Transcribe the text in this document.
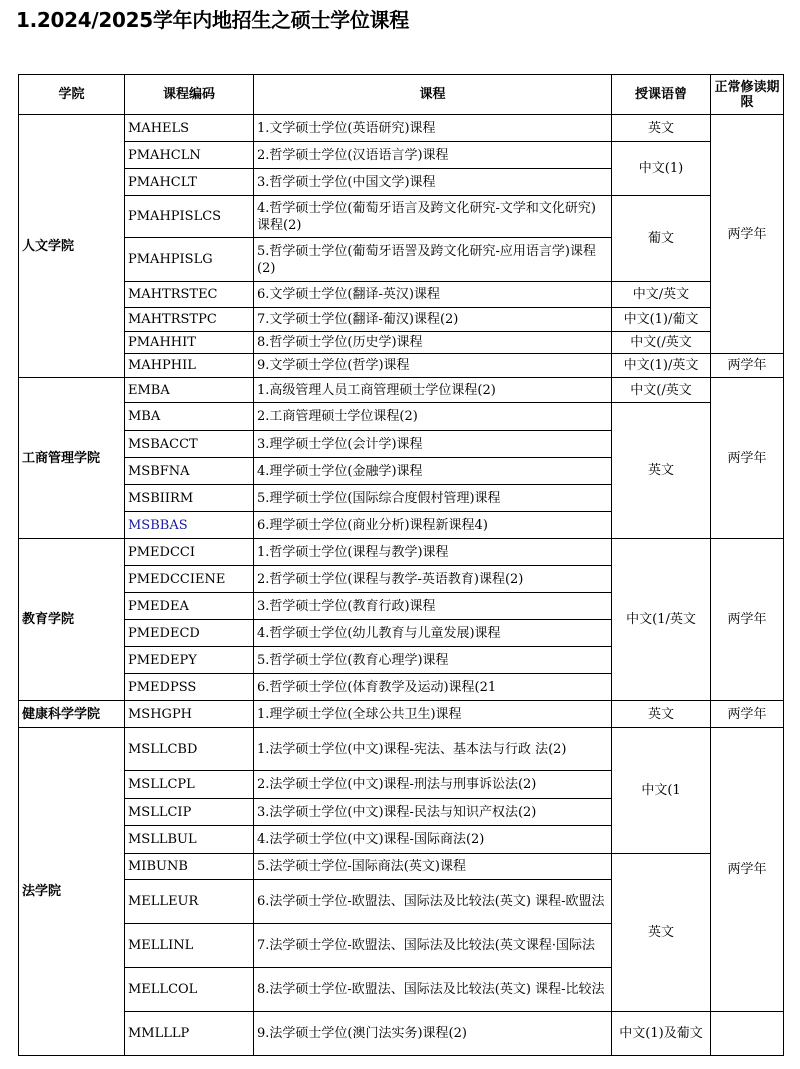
1.2024/2025学年内地招生之硕士学位课程
学院	课程编码	课程	授课语曾	正常修读期限
人文学院	MAHELS	1.文学硕士学位(英语研究)课程	英文	两学年
	PMAHCLN	2.哲学硕士学位(汉语语言学)课程	中文(1)	
	PMAHCLT	3.哲学硕士学位(中国文学)课程		
	PMAHPISLCS	4.哲学硕士学位(葡萄牙语言及跨文化研究-文学和文化研究)课程(2)	葡文	
	PMAHPISLG	5.哲学硕士学位(葡萄牙语詈及跨文化研究-应用语言学)课程(2)		
	MAHTRSTEC	6.文学硕士学位(翻译-英汉)课程	中文/英文	
	MAHTRSTPC	7.文学硕士学位(翻译-葡汉)课程(2)	中文(1)/葡文	
	PMAHHIT	8.哲学硕士学位(历史学)课程	中文(/英文	
	MAHPHIL	9.文学硕士学位(哲学)课程	中文(1)/英文	两学年
工商管理学院	EMBA	1.高级管理人员工商管理硕士学位课程(2)	中文(/英文	两学年
	MBA	2.工商管理硕士学位课程(2)	英文	
	MSBACCT	3.理学硕士学位(会计学)课程		
	MSBFNA	4.理学硕士学位(金融学)课程		
	MSBIIRM	5.理学硕士学位(国际综合度假村管理)课程		
	MSBBAS	6.理学硕士学位(商业分析)课程新课程4)		
教育学院	PMEDCCI	1.哲学硕士学位(课程与教学)课程	中文(1/英文	两学年
	PMEDCCIENE	2.哲学硕士学位(课程与教学-英语教育)课程(2)		
	PMEDEA	3.哲学硕士学位(教育行政)课程		
	PMEDECD	4.哲学硕士学位(幼儿教育与儿童发展)课程		
	PMEDEPY	5.哲学硕士学位(教育心理学)课程		
	PMEDPSS	6.哲学硕士学位(体育教学及运动)课程(21		
健康科学学院	MSHGPH	1.理学硕士学位(全球公共卫生)课程	英文	两学年
法学院	MSLLCBD	1.法学硕士学位(中文)课程-宪法、基本法与行政 法(2)	中文(1	两学年
	MSLLCPL	2.法学硕士学位(中文)课程-刑法与刑事诉讼法(2)		
	MSLLCIP	3.法学硕士学位(中文)课程-民法与知识产权法(2)		
	MSLLBUL	4.法学硕士学位(中文)课程-国际商法(2)		
	MIBUNB	5.法学硕士学位-国际商法(英文)课程	英文	
	MELLEUR	6.法学硕士学位-欧盟法、国际法及比较法(英文) 课程-欧盟法		
	MELLINL	7.法学硕士学位-欧盟法、国际法及比较法(英文课程·国际法		
	MELLCOL	8.法学硕士学位-欧盟法、国际法及比较法(英文) 课程-比较法		
	MMLLLP	9.法学硕士学位(澳门法实务)课程(2)	中文(1)及葡文	
